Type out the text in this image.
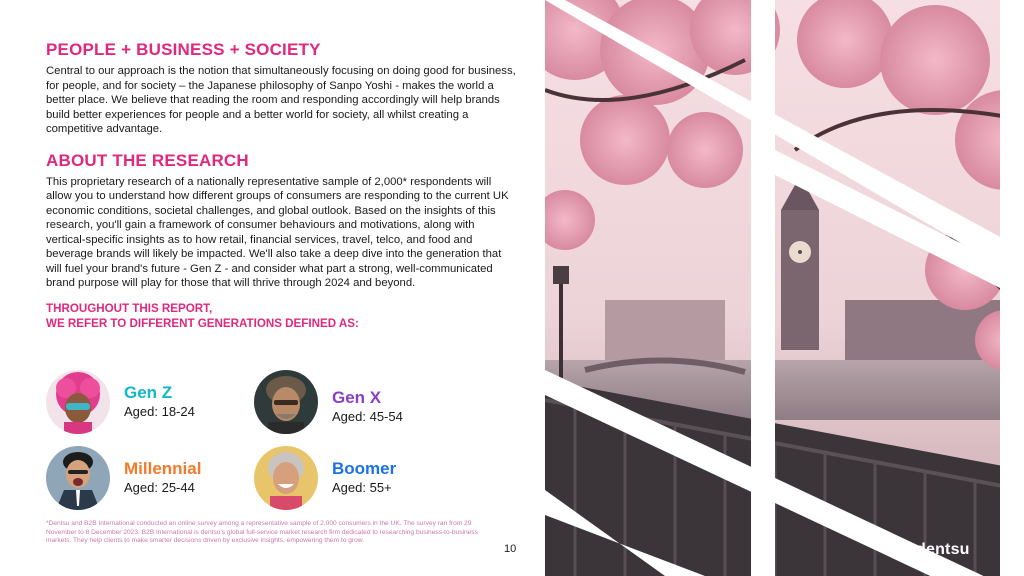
PEOPLE + BUSINESS + SOCIETY

Central to our approach is the notion that simultaneously focusing on doing good for business, for people, and for society – the Japanese philosophy of Sanpo Yoshi - makes the world a better place. We believe that reading the room and responding accordingly will help brands build better experiences for people and a better world for society, all whilst creating a competitive advantage.

ABOUT THE RESEARCH

This proprietary research of a nationally representative sample of 2,000* respondents will allow you to understand how different groups of consumers are responding to the current UK economic conditions, societal challenges, and global outlook. Based on the insights of this research, you'll gain a framework of consumer behaviours and motivations, along with vertical-specific insights as to how retail, financial services, travel, telco, and food and beverage brands will likely be impacted. We'll also take a deep dive into the generation that will fuel your brand's future - Gen Z - and consider what part a strong, well-communicated brand purpose will play for those that will thrive through 2024 and beyond.

THROUGHOUT THIS REPORT,
WE REFER TO DIFFERENT GENERATIONS DEFINED AS:
Gen Z
Aged: 18-24
Gen X
Aged: 45-54
Millennial
Aged: 25-44
Boomer
Aged: 55+
*Dentsu and B2B International conducted an online survey among a representative sample of 2,000 consumers in the UK. The survey ran from 29 November to 8 December 2023. B2B International is dentsu's global full-service market research firm dedicated to researching business-to-business markets. They help clients to make smarter decisions driven by exclusive insights, empowering them to grow.
10	dentsu
